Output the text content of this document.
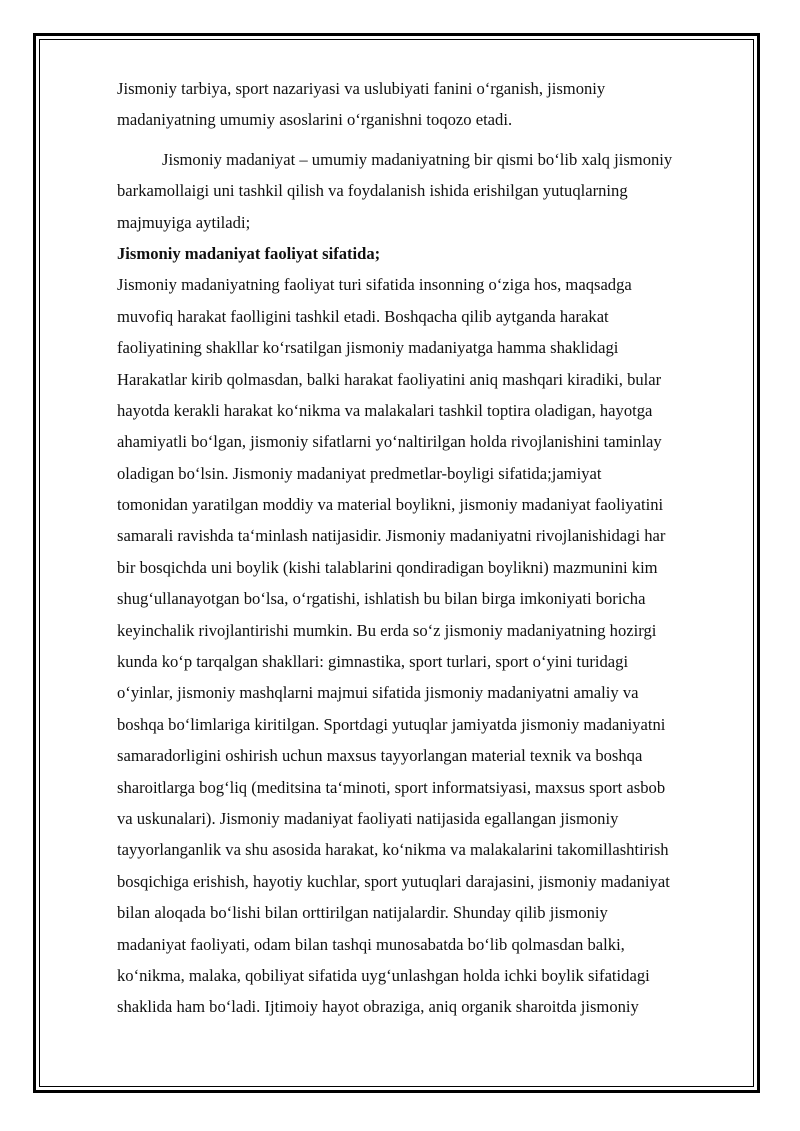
Jismoniy tarbiya, sport nazariyasi va uslubiyati fanini o‘rganish, jismoniy
madaniyatning umumiy asoslarini o‘rganishni toqozo etadi.
Jismoniy madaniyat – umumiy madaniyatning bir qismi bo‘lib xalq jismoniy
barkamollaigi uni tashkil qilish va foydalanish ishida erishilgan yutuqlarning
majmuyiga aytiladi;
Jismoniy madaniyat faoliyat sifatida;
Jismoniy madaniyatning faoliyat turi sifatida insonning o‘ziga hos, maqsadga
muvofiq harakat faolligini tashkil etadi. Boshqacha qilib aytganda harakat
faoliyatining shakllar ko‘rsatilgan jismoniy madaniyatga hamma shaklidagi
Harakatlar kirib qolmasdan, balki harakat faoliyatini aniq mashqari kiradiki, bular
hayotda kerakli harakat ko‘nikma va malakalari tashkil toptira oladigan, hayotga
ahamiyatli bo‘lgan, jismoniy sifatlarni yo‘naltirilgan holda rivojlanishini taminlay
oladigan bo‘lsin. Jismoniy madaniyat predmetlar-boyligi sifatida;jamiyat
tomonidan yaratilgan moddiy va material boylikni, jismoniy madaniyat faoliyatini
samarali ravishda ta‘minlash natijasidir. Jismoniy madaniyatni rivojlanishidagi har
bir bosqichda uni boylik (kishi talablarini qondiradigan boylikni) mazmunini kim
shug‘ullanayotgan bo‘lsa, o‘rgatishi, ishlatish bu bilan birga imkoniyati boricha
keyinchalik rivojlantirishi mumkin. Bu erda so‘z jismoniy madaniyatning hozirgi
kunda ko‘p tarqalgan shakllari: gimnastika, sport turlari, sport o‘yini turidagi
o‘yinlar, jismoniy mashqlarni majmui sifatida jismoniy madaniyatni amaliy va
boshqa bo‘limlariga kiritilgan. Sportdagi yutuqlar jamiyatda jismoniy madaniyatni
samaradorligini oshirish uchun maxsus tayyorlangan material texnik va boshqa
sharoitlarga bog‘liq (meditsina ta‘minoti, sport informatsiyasi, maxsus sport asbob
va uskunalari). Jismoniy madaniyat faoliyati natijasida egallangan jismoniy
tayyorlanganlik va shu asosida harakat, ko‘nikma va malakalarini takomillashtirish
bosqichiga erishish, hayotiy kuchlar, sport yutuqlari darajasini, jismoniy madaniyat
bilan aloqada bo‘lishi bilan orttirilgan natijalardir. Shunday qilib jismoniy
madaniyat faoliyati, odam bilan tashqi munosabatda bo‘lib qolmasdan balki,
ko‘nikma, malaka, qobiliyat sifatida uyg‘unlashgan holda ichki boylik sifatidagi
shaklida ham bo‘ladi. Ijtimoiy hayot obraziga, aniq organik sharoitda jismoniy
